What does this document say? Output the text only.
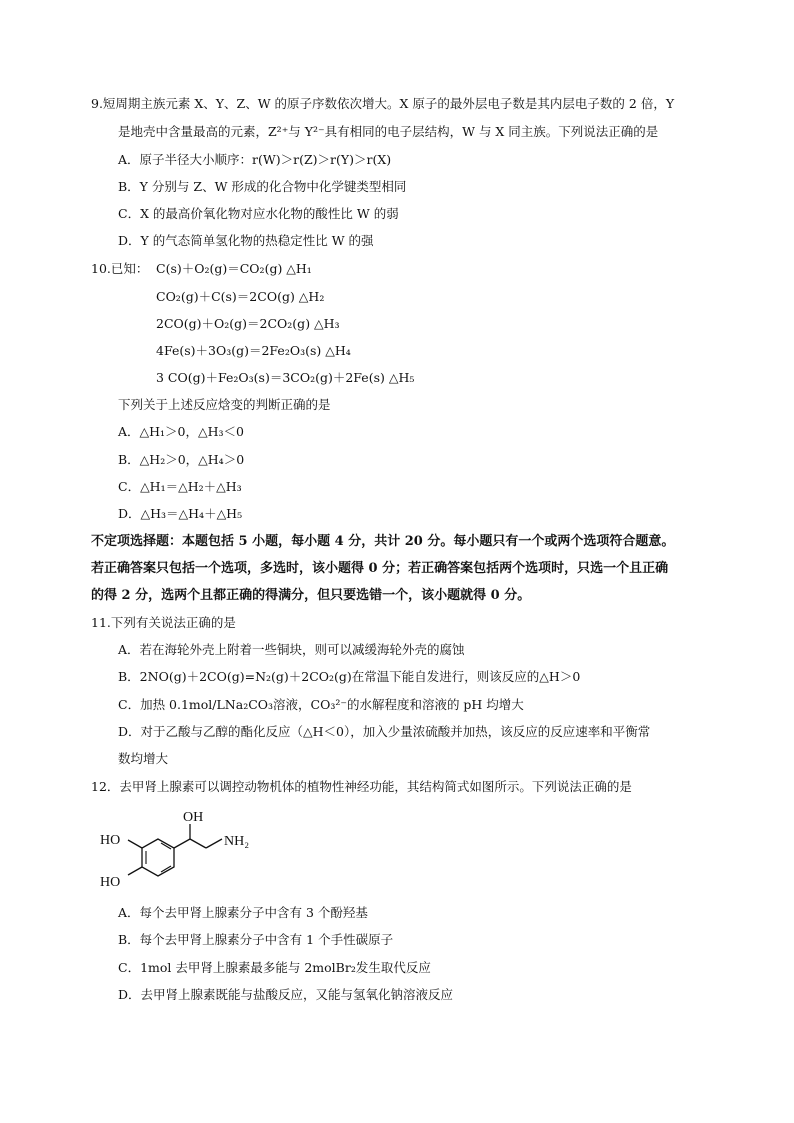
9.短周期主族元素 X、Y、Z、W 的原子序数依次增大。X 原子的最外层电子数是其内层电子数的 2 倍，Y
是地壳中含量最高的元素，Z²⁺与 Y²⁻具有相同的电子层结构，W 与 X 同主族。下列说法正确的是
A．原子半径大小顺序：r(W)＞r(Z)＞r(Y)＞r(X)
B．Y 分别与 Z、W 形成的化合物中化学键类型相同
C．X 的最高价氧化物对应水化物的酸性比 W 的弱
D．Y 的气态简单氢化物的热稳定性比 W 的强
10.已知： C(s)＋O₂(g)＝CO₂(g) △H₁
CO₂(g)＋C(s)＝2CO(g) △H₂
2CO(g)＋O₂(g)＝2CO₂(g) △H₃
4Fe(s)＋3O₃(g)＝2Fe₂O₃(s) △H₄
3 CO(g)＋Fe₂O₃(s)＝3CO₂(g)＋2Fe(s) △H₅
下列关于上述反应焓变的判断正确的是
A．△H₁＞0，△H₃＜0
B．△H₂＞0，△H₄＞0
C．△H₁＝△H₂＋△H₃
D．△H₃＝△H₄＋△H₅
不定项选择题：本题包括 5 小题，每小题 4 分，共计 20 分。每小题只有一个或两个选项符合题意。
若正确答案只包括一个选项，多选时，该小题得 0 分；若正确答案包括两个选项时，只选一个且正确
的得 2 分，选两个且都正确的得满分，但只要选错一个，该小题就得 0 分。
11.下列有关说法正确的是
A．若在海轮外壳上附着一些铜块，则可以减缓海轮外壳的腐蚀
B．2NO(g)＋2CO(g)=N₂(g)＋2CO₂(g)在常温下能自发进行，则该反应的△H＞0
C．加热 0.1mol/LNa₂CO₃溶液，CO₃²⁻的水解程度和溶液的 pH 均增大
D．对于乙酸与乙醇的酯化反应（△H＜0），加入少量浓硫酸并加热，该反应的反应速率和平衡常
数均增大
12．去甲肾上腺素可以调控动物机体的植物性神经功能，其结构简式如图所示。下列说法正确的是
OH
HO
HO
NH₂
A．每个去甲肾上腺素分子中含有 3 个酚羟基
B．每个去甲肾上腺素分子中含有 1 个手性碳原子
C．1mol 去甲肾上腺素最多能与 2molBr₂发生取代反应
D．去甲肾上腺素既能与盐酸反应，又能与氢氧化钠溶液反应
